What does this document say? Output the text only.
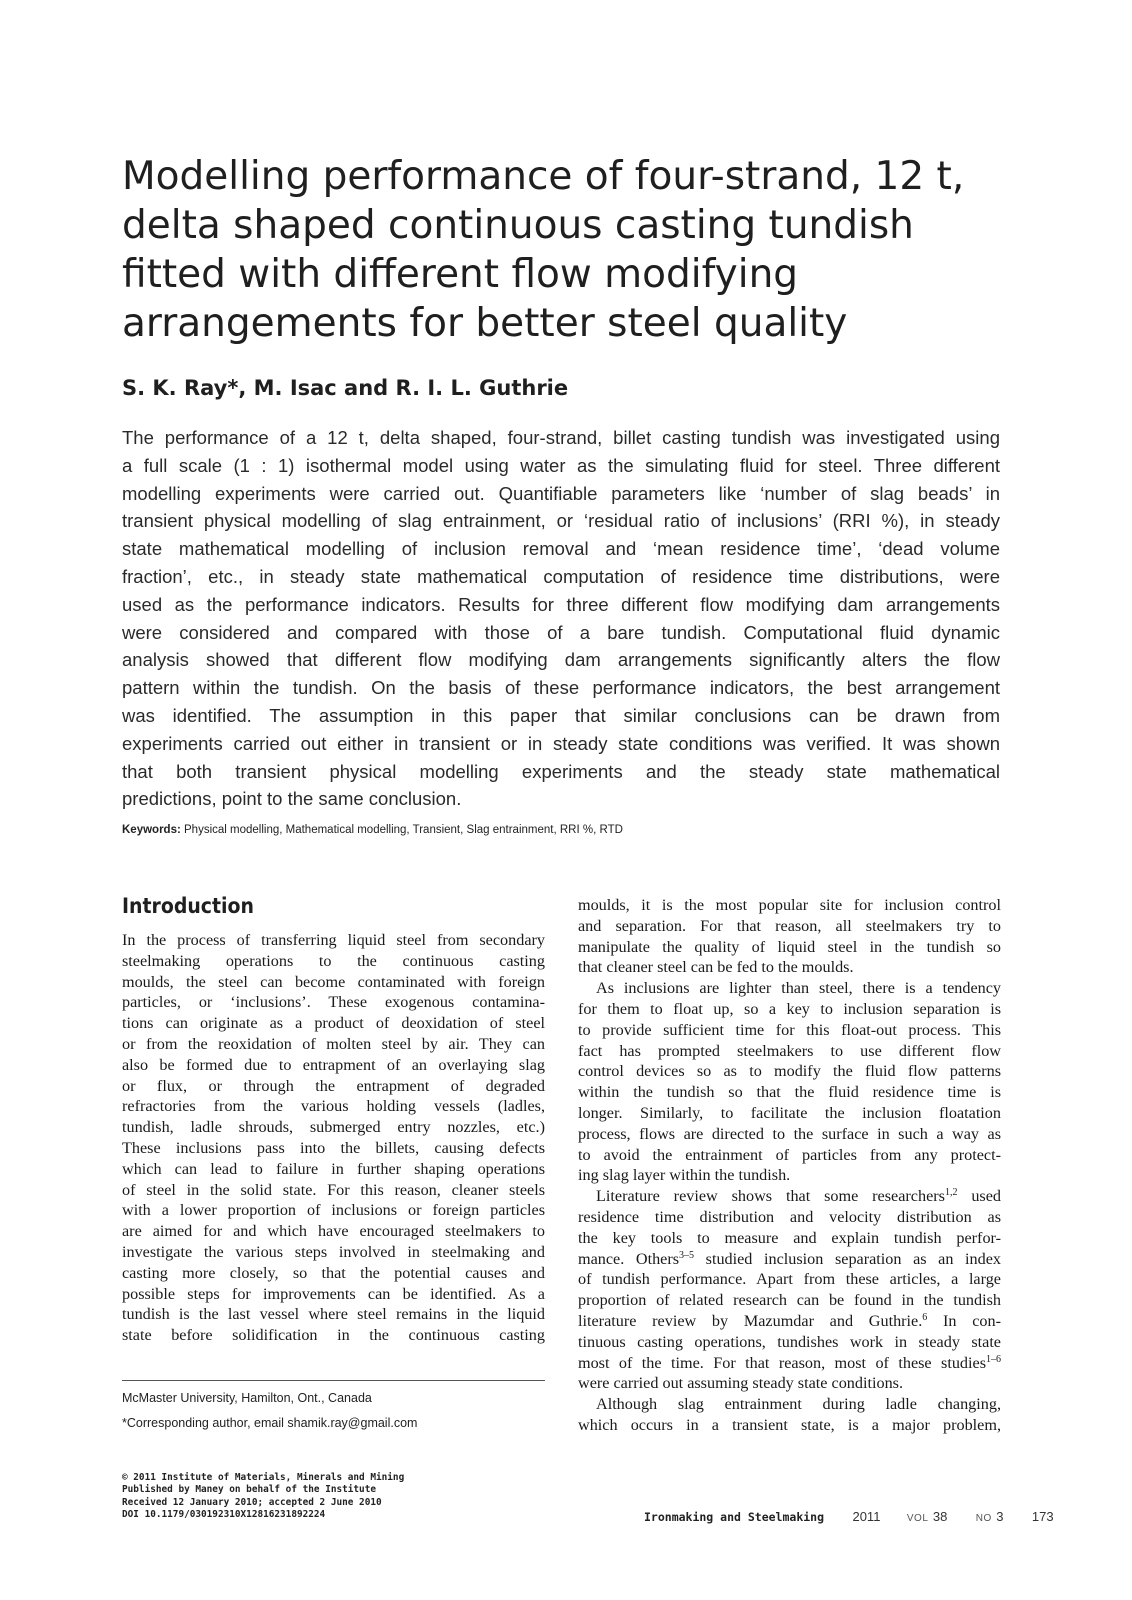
Modelling performance of four-strand, 12 t,
delta shaped continuous casting tundish
fitted with different flow modifying
arrangements for better steel quality
S. K. Ray*, M. Isac and R. I. L. Guthrie
The performance of a 12 t, delta shaped, four-strand, billet casting tundish was investigated using
a full scale (1 : 1) isothermal model using water as the simulating fluid for steel. Three different
modelling experiments were carried out. Quantifiable parameters like ‘number of slag beads’ in
transient physical modelling of slag entrainment, or ‘residual ratio of inclusions’ (RRI %), in steady
state mathematical modelling of inclusion removal and ‘mean residence time’, ‘dead volume
fraction’, etc., in steady state mathematical computation of residence time distributions, were
used as the performance indicators. Results for three different flow modifying dam arrangements
were considered and compared with those of a bare tundish. Computational fluid dynamic
analysis showed that different flow modifying dam arrangements significantly alters the flow
pattern within the tundish. On the basis of these performance indicators, the best arrangement
was identified. The assumption in this paper that similar conclusions can be drawn from
experiments carried out either in transient or in steady state conditions was verified. It was shown
that both transient physical modelling experiments and the steady state mathematical
predictions, point to the same conclusion.
Keywords: Physical modelling, Mathematical modelling, Transient, Slag entrainment, RRI %, RTD
Introduction
In the process of transferring liquid steel from secondary
steelmaking operations to the continuous casting
moulds, the steel can become contaminated with foreign
particles, or ‘inclusions’. These exogenous contamina-
tions can originate as a product of deoxidation of steel
or from the reoxidation of molten steel by air. They can
also be formed due to entrapment of an overlaying slag
or flux, or through the entrapment of degraded
refractories from the various holding vessels (ladles,
tundish, ladle shrouds, submerged entry nozzles, etc.)
These inclusions pass into the billets, causing defects
which can lead to failure in further shaping operations
of steel in the solid state. For this reason, cleaner steels
with a lower proportion of inclusions or foreign particles
are aimed for and which have encouraged steelmakers to
investigate the various steps involved in steelmaking and
casting more closely, so that the potential causes and
possible steps for improvements can be identified. As a
tundish is the last vessel where steel remains in the liquid
state before solidification in the continuous casting
moulds, it is the most popular site for inclusion control
and separation. For that reason, all steelmakers try to
manipulate the quality of liquid steel in the tundish so
that cleaner steel can be fed to the moulds.
As inclusions are lighter than steel, there is a tendency
for them to float up, so a key to inclusion separation is
to provide sufficient time for this float-out process. This
fact has prompted steelmakers to use different flow
control devices so as to modify the fluid flow patterns
within the tundish so that the fluid residence time is
longer. Similarly, to facilitate the inclusion floatation
process, flows are directed to the surface in such a way as
to avoid the entrainment of particles from any protect-
ing slag layer within the tundish.
Literature review shows that some researchers$^{1,2}$ used
residence time distribution and velocity distribution as
the key tools to measure and explain tundish perfor-
mance. Others$^{3-5}$ studied inclusion separation as an index
of tundish performance. Apart from these articles, a large
proportion of related research can be found in the tundish
literature review by Mazumdar and Guthrie.$^6$ In con-
tinuous casting operations, tundishes work in steady state
most of the time. For that reason, most of these studies$^{1-6}$
were carried out assuming steady state conditions.
Although slag entrainment during ladle changing,
which occurs in a transient state, is a major problem,
McMaster University, Hamilton, Ont., Canada
*Corresponding author, email shamik.ray@gmail.com
© 2011 Institute of Materials, Minerals and Mining
Published by Maney on behalf of the Institute
Received 12 January 2010; accepted 2 June 2010
DOI 10.1179/030192310X12816231892224	Ironmaking and Steelmaking 2011	VOL 38	NO 3 173
